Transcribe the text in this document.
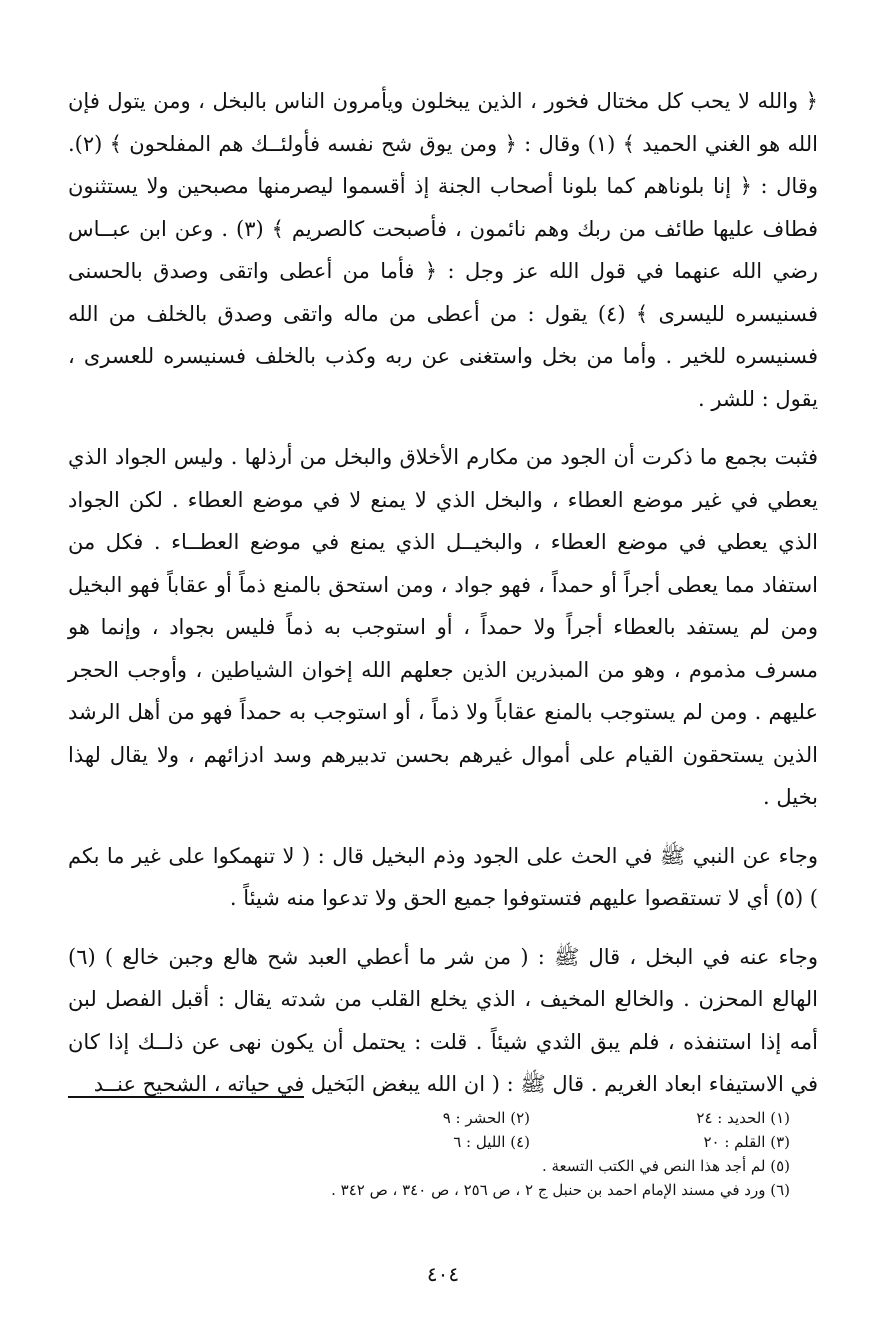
﴿ والله لا يحب كل مختال فخور ، الذين يبخلون ويأمرون الناس بالبخل ، ومن يتول فإن الله هو الغني الحميد ﴾ (١) وقال : ﴿ ومن يوق شح نفسه فأولئــك هم المفلحون ﴾ (٢). وقال : ﴿ إنا بلوناهم كما بلونا أصحاب الجنة إذ أقسموا ليصرمنها مصبحين ولا يستثنون فطاف عليها طائف من ربك وهم نائمون ، فأصبحت كالصريم ﴾ (٣) . وعن ابن عبــاس رضي الله عنهما في قول الله عز وجل : ﴿ فأما من أعطى واتقى وصدق بالحسنى فسنيسره لليسرى ﴾ (٤) يقول : من أعطى من ماله واتقى وصدق بالخلف من الله فسنيسره للخير . وأما من بخل واستغنى عن ربه وكذب بالخلف فسنيسره للعسرى ، يقول : للشر .

فثبت بجمع ما ذكرت أن الجود من مكارم الأخلاق والبخل من أرذلها . وليس الجواد الذي يعطي في غير موضع العطاء ، والبخل الذي لا يمنع لا في موضع العطاء . لكن الجواد الذي يعطي في موضع العطاء ، والبخيــل الذي يمنع في موضع العطــاء . فكل من استفاد مما يعطى أجراً أو حمداً ، فهو جواد ، ومن استحق بالمنع ذماً أو عقاباً فهو البخيل ومن لم يستفد بالعطاء أجراً ولا حمداً ، أو استوجب به ذماً فليس بجواد ، وإنما هو مسرف مذموم ، وهو من المبذرين الذين جعلهم الله إخوان الشياطين ، وأوجب الحجر عليهم . ومن لم يستوجب بالمنع عقاباً ولا ذماً ، أو استوجب به حمداً فهو من أهل الرشد الذين يستحقون القيام على أموال غيرهم بحسن تدبيرهم وسد ادزائهم ، ولا يقال لهذا بخيل .

وجاء عن النبي ﷺ في الحث على الجود وذم البخيل قال : ( لا تنهمكوا على غير ما بكم ) (٥) أي لا تستقصوا عليهم فتستوفوا جميع الحق ولا تدعوا منه شيئاً .

وجاء عنه في البخل ، قال ﷺ : ( من شر ما أعطي العبد شح هالع وجبن خالع ) (٦) الهالع المحزن . والخالع المخيف ، الذي يخلع القلب من شدته يقال : أقبل الفصل لبن أمه إذا استنفذه ، فلم يبق الثدي شيئاً . قلت : يحتمل أن يكون نهى عن ذلــك إذا كان في الاستيفاء ابعاد الغريم . قال ﷺ : ( ان الله يبغض البَخيل في حياته ، الشحيح عنــد

(١) الحديد : ٢٤
(٢) الحشر : ٩
(٣) القلم : ٢٠
(٤) الليل : ٦
(٥) لم أجد هذا النص في الكتب التسعة .
(٦) ورد في مسند الإمام احمد بن حنبل ج ٢ ، ص ٢٥٦ ، ص ٣٤٠ ، ص ٣٤٢ .
٤٠٤
